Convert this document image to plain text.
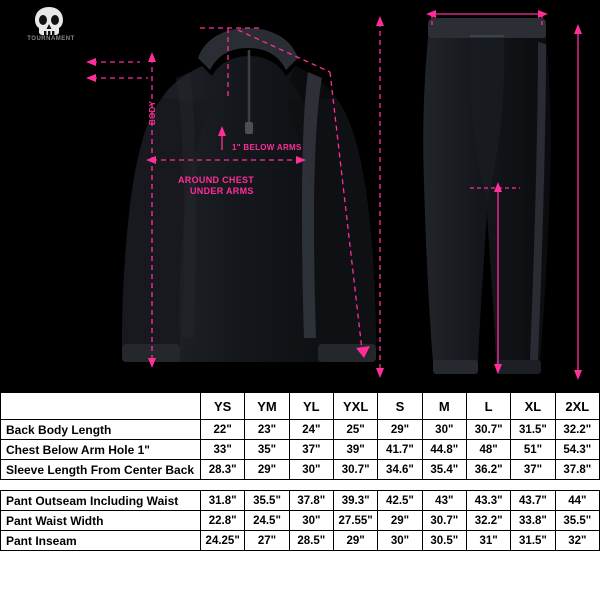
TOURNAMENT
BODY
1" BELOW ARMS
AROUND CHEST
UNDER ARMS
	YS	YM	YL	YXL	S	M	L	XL	2XL
Back Body Length	22"	23"	24"	25"	29"	30"	30.7"	31.5"	32.2"
Chest Below Arm Hole 1"	33"	35"	37"	39"	41.7"	44.8"	48"	51"	54.3"
Sleeve Length From Center Back	28.3"	29"	30"	30.7"	34.6"	35.4"	36.2"	37"	37.8"

Pant Outseam Including Waist	31.8"	35.5"	37.8"	39.3"	42.5"	43"	43.3"	43.7"	44"
Pant Waist Width	22.8"	24.5"	30"	27.55"	29"	30.7"	32.2"	33.8"	35.5"
Pant Inseam	24.25"	27"	28.5"	29"	30"	30.5"	31"	31.5"	32"
